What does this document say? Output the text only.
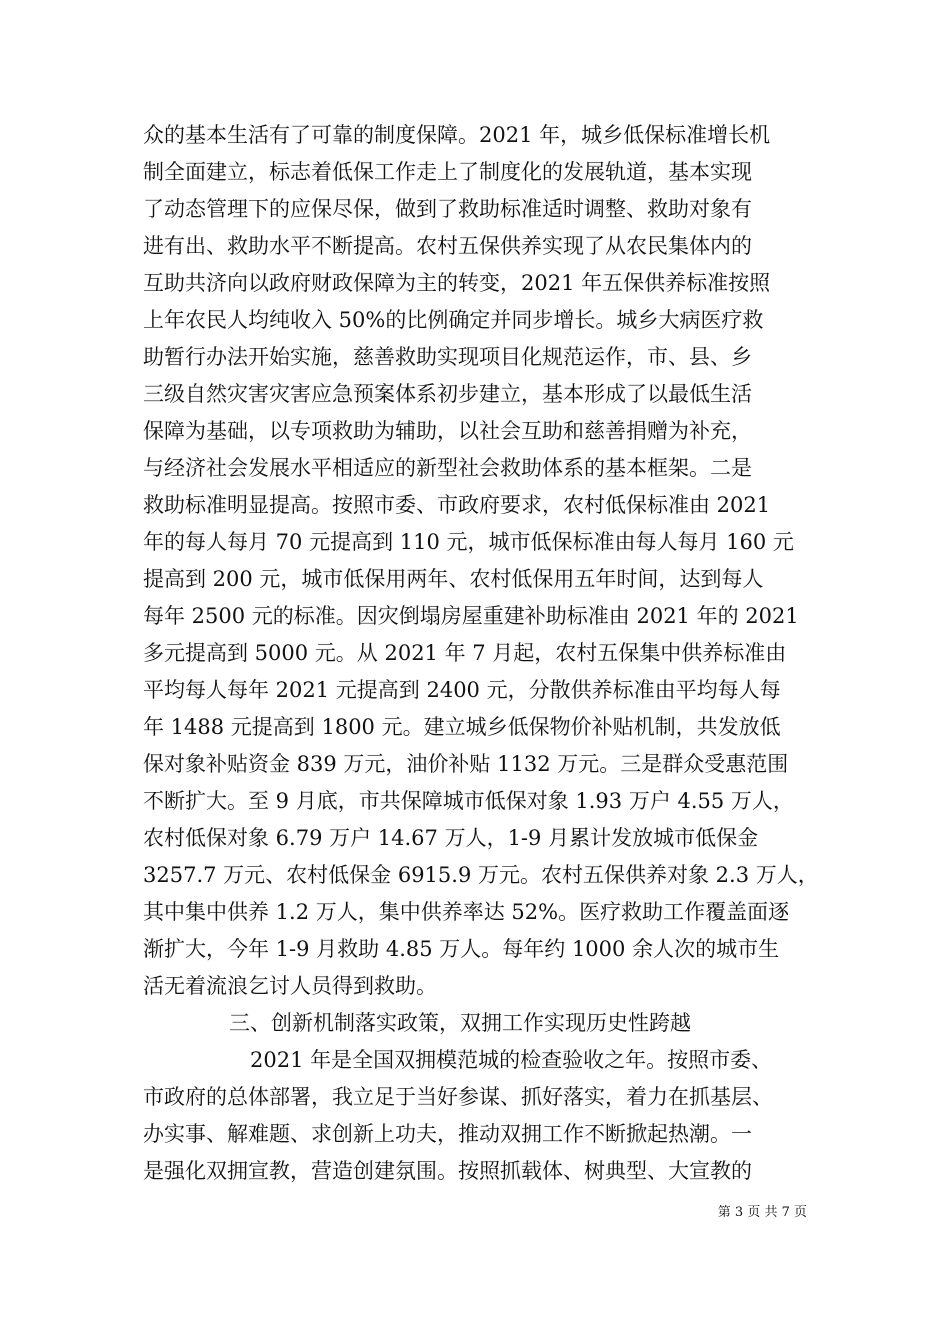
众的基本生活有了可靠的制度保障。2021 年，城乡低保标准增长机
制全面建立，标志着低保工作走上了制度化的发展轨道，基本实现
了动态管理下的应保尽保，做到了救助标准适时调整、救助对象有
进有出、救助水平不断提高。农村五保供养实现了从农民集体内的
互助共济向以政府财政保障为主的转变，2021 年五保供养标准按照
上年农民人均纯收入 50%的比例确定并同步增长。城乡大病医疗救
助暂行办法开始实施，慈善救助实现项目化规范运作，市、县、乡
三级自然灾害灾害应急预案体系初步建立，基本形成了以最低生活
保障为基础，以专项救助为辅助，以社会互助和慈善捐赠为补充，
与经济社会发展水平相适应的新型社会救助体系的基本框架。二是
救助标准明显提高。按照市委、市政府要求，农村低保标准由 2021
年的每人每月 70 元提高到 110 元，城市低保标准由每人每月 160 元
提高到 200 元，城市低保用两年、农村低保用五年时间，达到每人
每年 2500 元的标准。因灾倒塌房屋重建补助标准由 2021 年的 2021
多元提高到 5000 元。从 2021 年 7 月起，农村五保集中供养标准由
平均每人每年 2021 元提高到 2400 元，分散供养标准由平均每人每
年 1488 元提高到 1800 元。建立城乡低保物价补贴机制，共发放低
保对象补贴资金 839 万元，油价补贴 1132 万元。三是群众受惠范围
不断扩大。至 9 月底，市共保障城市低保对象 1.93 万户 4.55 万人，
农村低保对象 6.79 万户 14.67 万人，1-9 月累计发放城市低保金
3257.7 万元、农村低保金 6915.9 万元。农村五保供养对象 2.3 万人，
其中集中供养 1.2 万人，集中供养率达 52%。医疗救助工作覆盖面逐
渐扩大，今年 1-9 月救助 4.85 万人。每年约 1000 余人次的城市生
活无着流浪乞讨人员得到救助。
三、创新机制落实政策，双拥工作实现历史性跨越
2021 年是全国双拥模范城的检查验收之年。按照市委、
市政府的总体部署，我立足于当好参谋、抓好落实，着力在抓基层、
办实事、解难题、求创新上功夫，推动双拥工作不断掀起热潮。一
是强化双拥宣教，营造创建氛围。按照抓载体、树典型、大宣教的
第 3 页 共 7 页
